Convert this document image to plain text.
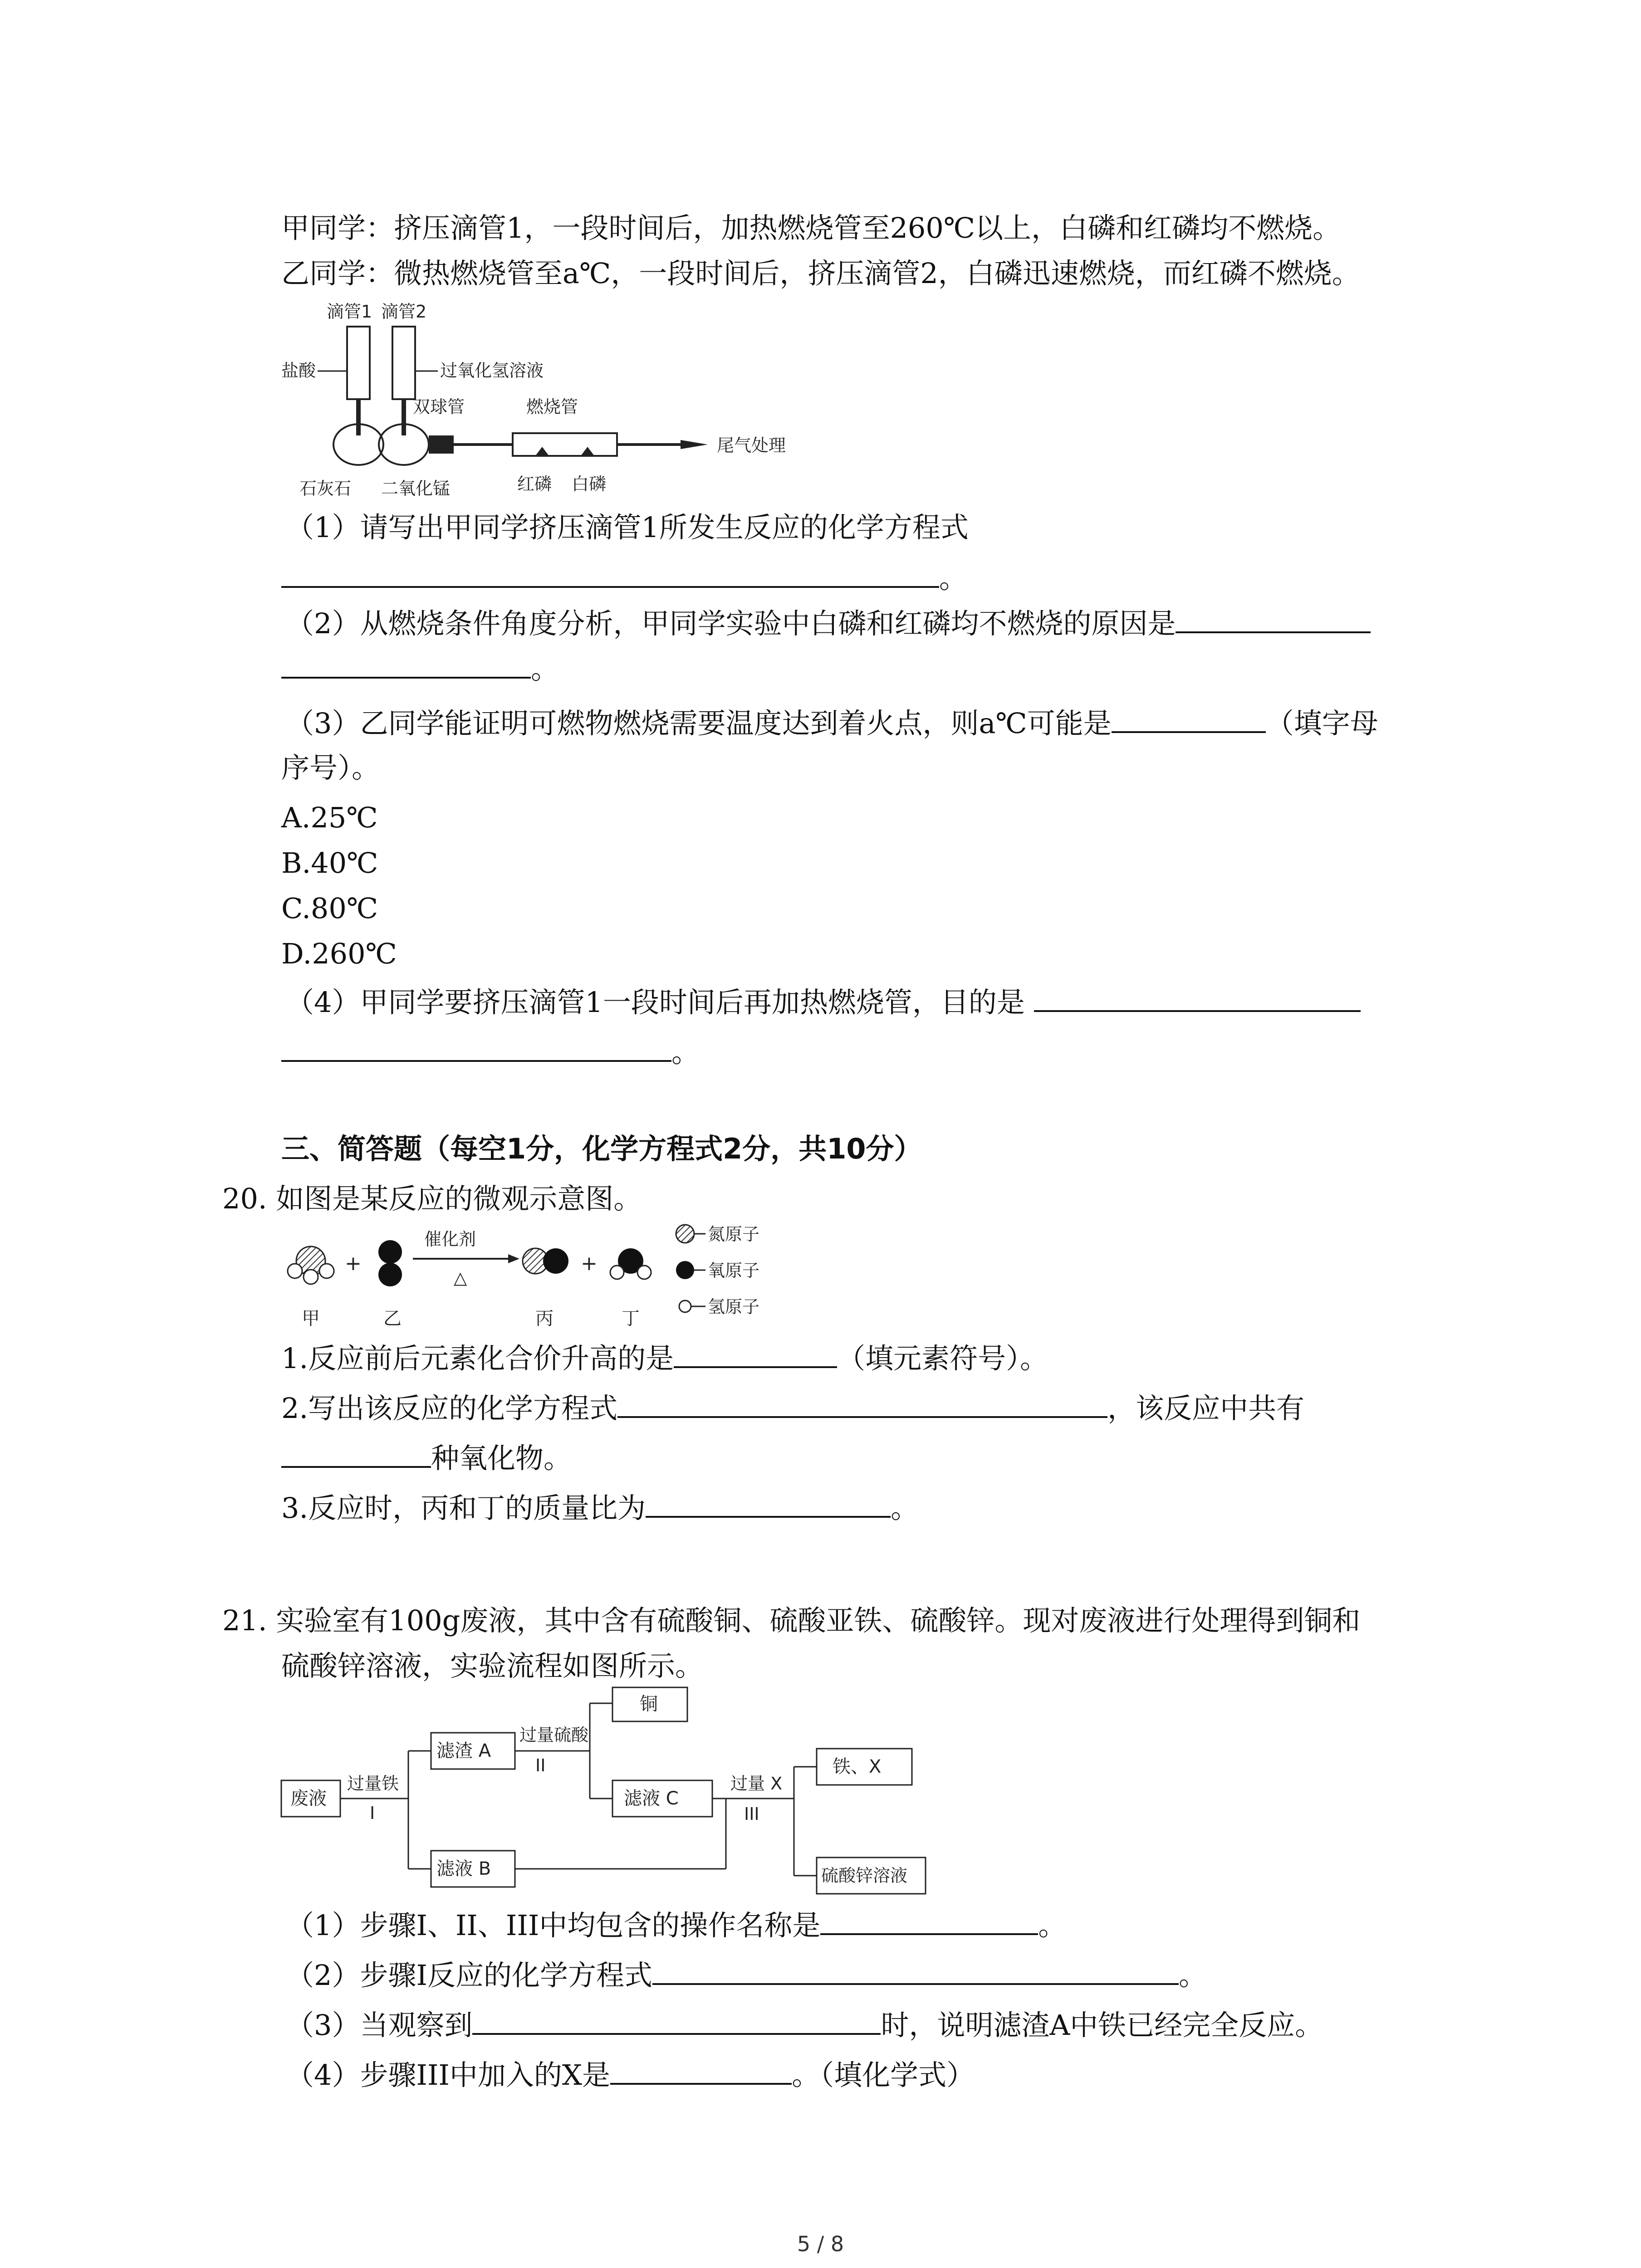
甲同学：挤压滴管1，一段时间后，加热燃烧管至260℃以上，白磷和红磷均不燃烧。
乙同学：微热燃烧管至a℃，一段时间后，挤压滴管2，白磷迅速燃烧，而红磷不燃烧。
滴管1 滴管2
盐酸	过氧化氢溶液
双球管	燃烧管
尾气处理
石灰石 二氧化锰	红磷 白磷
（1）请写出甲同学挤压滴管1所发生反应的化学方程式
。
（2）从燃烧条件角度分析，甲同学实验中白磷和红磷均不燃烧的原因是
。
（3）乙同学能证明可燃物燃烧需要温度达到着火点，则a℃可能是	（填字母
序号）。
A.25℃
B.40℃
C.80℃
D.260℃
（4）甲同学要挤压滴管1一段时间后再加热燃烧管，目的是
。
三、简答题（每空1分，化学方程式2分，共10分）
20. 如图是某反应的微观示意图。
+
催化剂
△
+
甲	乙	丙	丁
氮原子
氧原子
氢原子
1.反应前后元素化合价升高的是	（填元素符号）。
2.写出该反应的化学方程式	，该反应中共有
种氧化物。
3.反应时，丙和丁的质量比为	。
21. 实验室有100g废液，其中含有硫酸铜、硫酸亚铁、硫酸锌。现对废液进行处理得到铜和
硫酸锌溶液，实验流程如图所示。
废液
过量铁
I
滤渣 A
过量硫酸
II
铜
滤液 C
滤液 B
过量 X
III
铁、X
硫酸锌溶液
（1）步骤I、II、III中均包含的操作名称是	。
（2）步骤I反应的化学方程式	。
（3）当观察到	时，说明滤渣A中铁已经完全反应。
（4）步骤III中加入的X是	。（填化学式）
5 / 8
